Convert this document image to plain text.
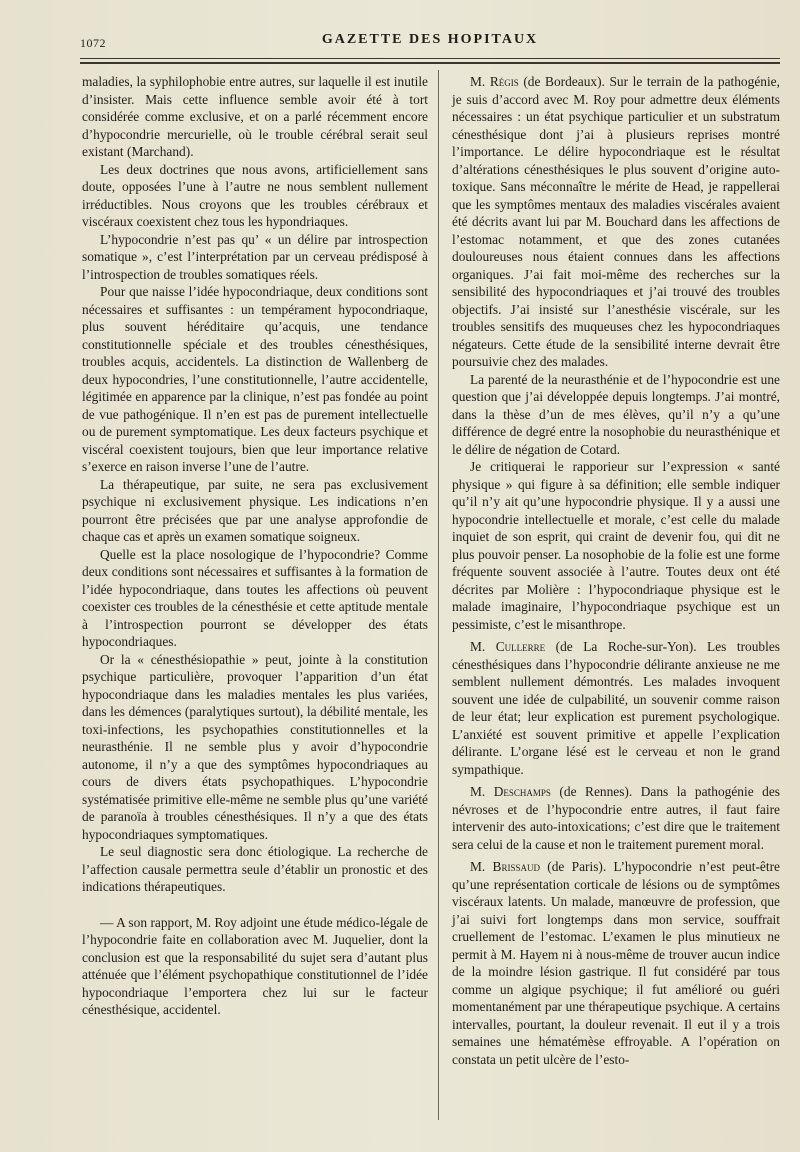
1072	GAZETTE DES HOPITAUX

maladies, la syphilophobie entre autres, sur laquelle il est inutile d’insister. Mais cette influence semble avoir été à tort considérée comme exclusive, et on a parlé récemment encore d’hypocondrie mercurielle, où le trouble cérébral serait seul existant (Marchand).

Les deux doctrines que nous avons, artificiellement sans doute, opposées l’une à l’autre ne nous semblent nullement irréductibles. Nous croyons que les troubles cérébraux et viscéraux coexistent chez tous les hypondriaques.

L’hypocondrie n’est pas qu’ « un délire par introspection somatique », c’est l’interprétation par un cerveau prédisposé à l’introspection de troubles somatiques réels.

Pour que naisse l’idée hypocondriaque, deux conditions sont nécessaires et suffisantes : un tempérament hypocondriaque, plus souvent héréditaire qu’acquis, une tendance constitutionnelle spéciale et des troubles cénesthésiques, troubles acquis, accidentels. La distinction de Wallenberg de deux hypocondries, l’une constitutionnelle, l’autre accidentelle, légitimée en apparence par la clinique, n’est pas fondée au point de vue pathogénique. Il n’en est pas de purement intellectuelle ou de purement symptomatique. Les deux facteurs psychique et viscéral coexistent toujours, bien que leur importance relative s’exerce en raison inverse l’une de l’autre.

La thérapeutique, par suite, ne sera pas exclusivement psychique ni exclusivement physique. Les indications n’en pourront être précisées que par une analyse approfondie de chaque cas et après un examen somatique soigneux.

Quelle est la place nosologique de l’hypocondrie? Comme deux conditions sont nécessaires et suffisantes à la formation de l’idée hypocondriaque, dans toutes les affections où peuvent coexister ces troubles de la cénesthésie et cette aptitude mentale à l’introspection pourront se développer des états hypocondriaques.

Or la « cénesthésiopathie » peut, jointe à la constitution psychique particulière, provoquer l’apparition d’un état hypocondriaque dans les maladies mentales les plus variées, dans les démences (paralytiques surtout), la débilité mentale, les toxi-infections, les psychopathies constitutionnelles et la neurasthénie. Il ne semble plus y avoir d’hypocondrie autonome, il n’y a que des symptômes hypocondriaques au cours de divers états psychopathiques. L’hypocondrie systématisée primitive elle-même ne semble plus qu’une variété de paranoïa à troubles cénesthésiques. Il n’y a que des états hypocondriaques symptomatiques.

Le seul diagnostic sera donc étiologique. La recherche de l’affection causale permettra seule d’établir un pronostic et des indications thérapeutiques.

— A son rapport, M. Roy adjoint une étude médico-légale de l’hypocondrie faite en collaboration avec M. Juquelier, dont la conclusion est que la responsabilité du sujet sera d’autant plus atténuée que l’élément psychopathique constitutionnel de l’idée hypocondriaque l’emportera chez lui sur le facteur cénesthésique, accidentel.

M. Régis (de Bordeaux). Sur le terrain de la pathogénie, je suis d’accord avec M. Roy pour admettre deux éléments nécessaires : un état psychique particulier et un substratum cénesthésique dont j’ai à plusieurs reprises montré l’importance. Le délire hypocondriaque est le résultat d’altérations cénesthésiques le plus souvent d’origine auto-toxique. Sans méconnaître le mérite de Head, je rappellerai que les symptômes mentaux des maladies viscérales avaient été décrits avant lui par M. Bouchard dans les affections de l’estomac notamment, et que des zones cutanées douloureuses nous étaient connues dans les affections organiques. J’ai fait moi-même des recherches sur la sensibilité des hypocondriaques et j’ai trouvé des troubles objectifs. J’ai insisté sur l’anesthésie viscérale, sur les troubles sensitifs des muqueuses chez les hypocondriaques négateurs. Cette étude de la sensibilité interne devrait être poursuivie chez des malades.

La parenté de la neurasthénie et de l’hypocondrie est une question que j’ai développée depuis longtemps. J’ai montré, dans la thèse d’un de mes élèves, qu’il n’y a qu’une différence de degré entre la nosophobie du neurasthénique et le délire de négation de Cotard.

Je critiquerai le rapporieur sur l’expression « santé physique » qui figure à sa définition; elle semble indiquer qu’il n’y ait qu’une hypocondrie physique. Il y a aussi une hypocondrie intellectuelle et morale, c’est celle du malade inquiet de son esprit, qui craint de devenir fou, qui dit ne plus pouvoir penser. La nosophobie de la folie est une forme fréquente souvent associée à l’autre. Toutes deux ont été décrites par Molière : l’hypocondriaque physique est le malade imaginaire, l’hypocondriaque psychique est un pessimiste, c’est le misanthrope.

M. Cullerre (de La Roche-sur-Yon). Les troubles cénesthésiques dans l’hypocondrie délirante anxieuse ne me semblent nullement démontrés. Les malades invoquent souvent une idée de culpabilité, un souvenir comme raison de leur état; leur explication est purement psychologique. L’anxiété est souvent primitive et appelle l’explication délirante. L’organe lésé est le cerveau et non le grand sympathique.

M. Deschamps (de Rennes). Dans la pathogénie des névroses et de l’hypocondrie entre autres, il faut faire intervenir des auto-intoxications; c’est dire que le traitement sera celui de la cause et non le traitement purement moral.

M. Brissaud (de Paris). L’hypocondrie n’est peut-être qu’une représentation corticale de lésions ou de symptômes viscéraux latents. Un malade, manœuvre de profession, que j’ai suivi fort longtemps dans mon service, souffrait cruellement de l’estomac. L’examen le plus minutieux ne permit à M. Hayem ni à nous-même de trouver aucun indice de la moindre lésion gastrique. Il fut considéré par tous comme un algique psychique; il fut amélioré ou guéri momentanément par une thérapeutique psychique. A certains intervalles, pourtant, la douleur revenait. Il eut il y a trois semaines une hématémèse effroyable. A l’opération on constata un petit ulcère de l’esto-
